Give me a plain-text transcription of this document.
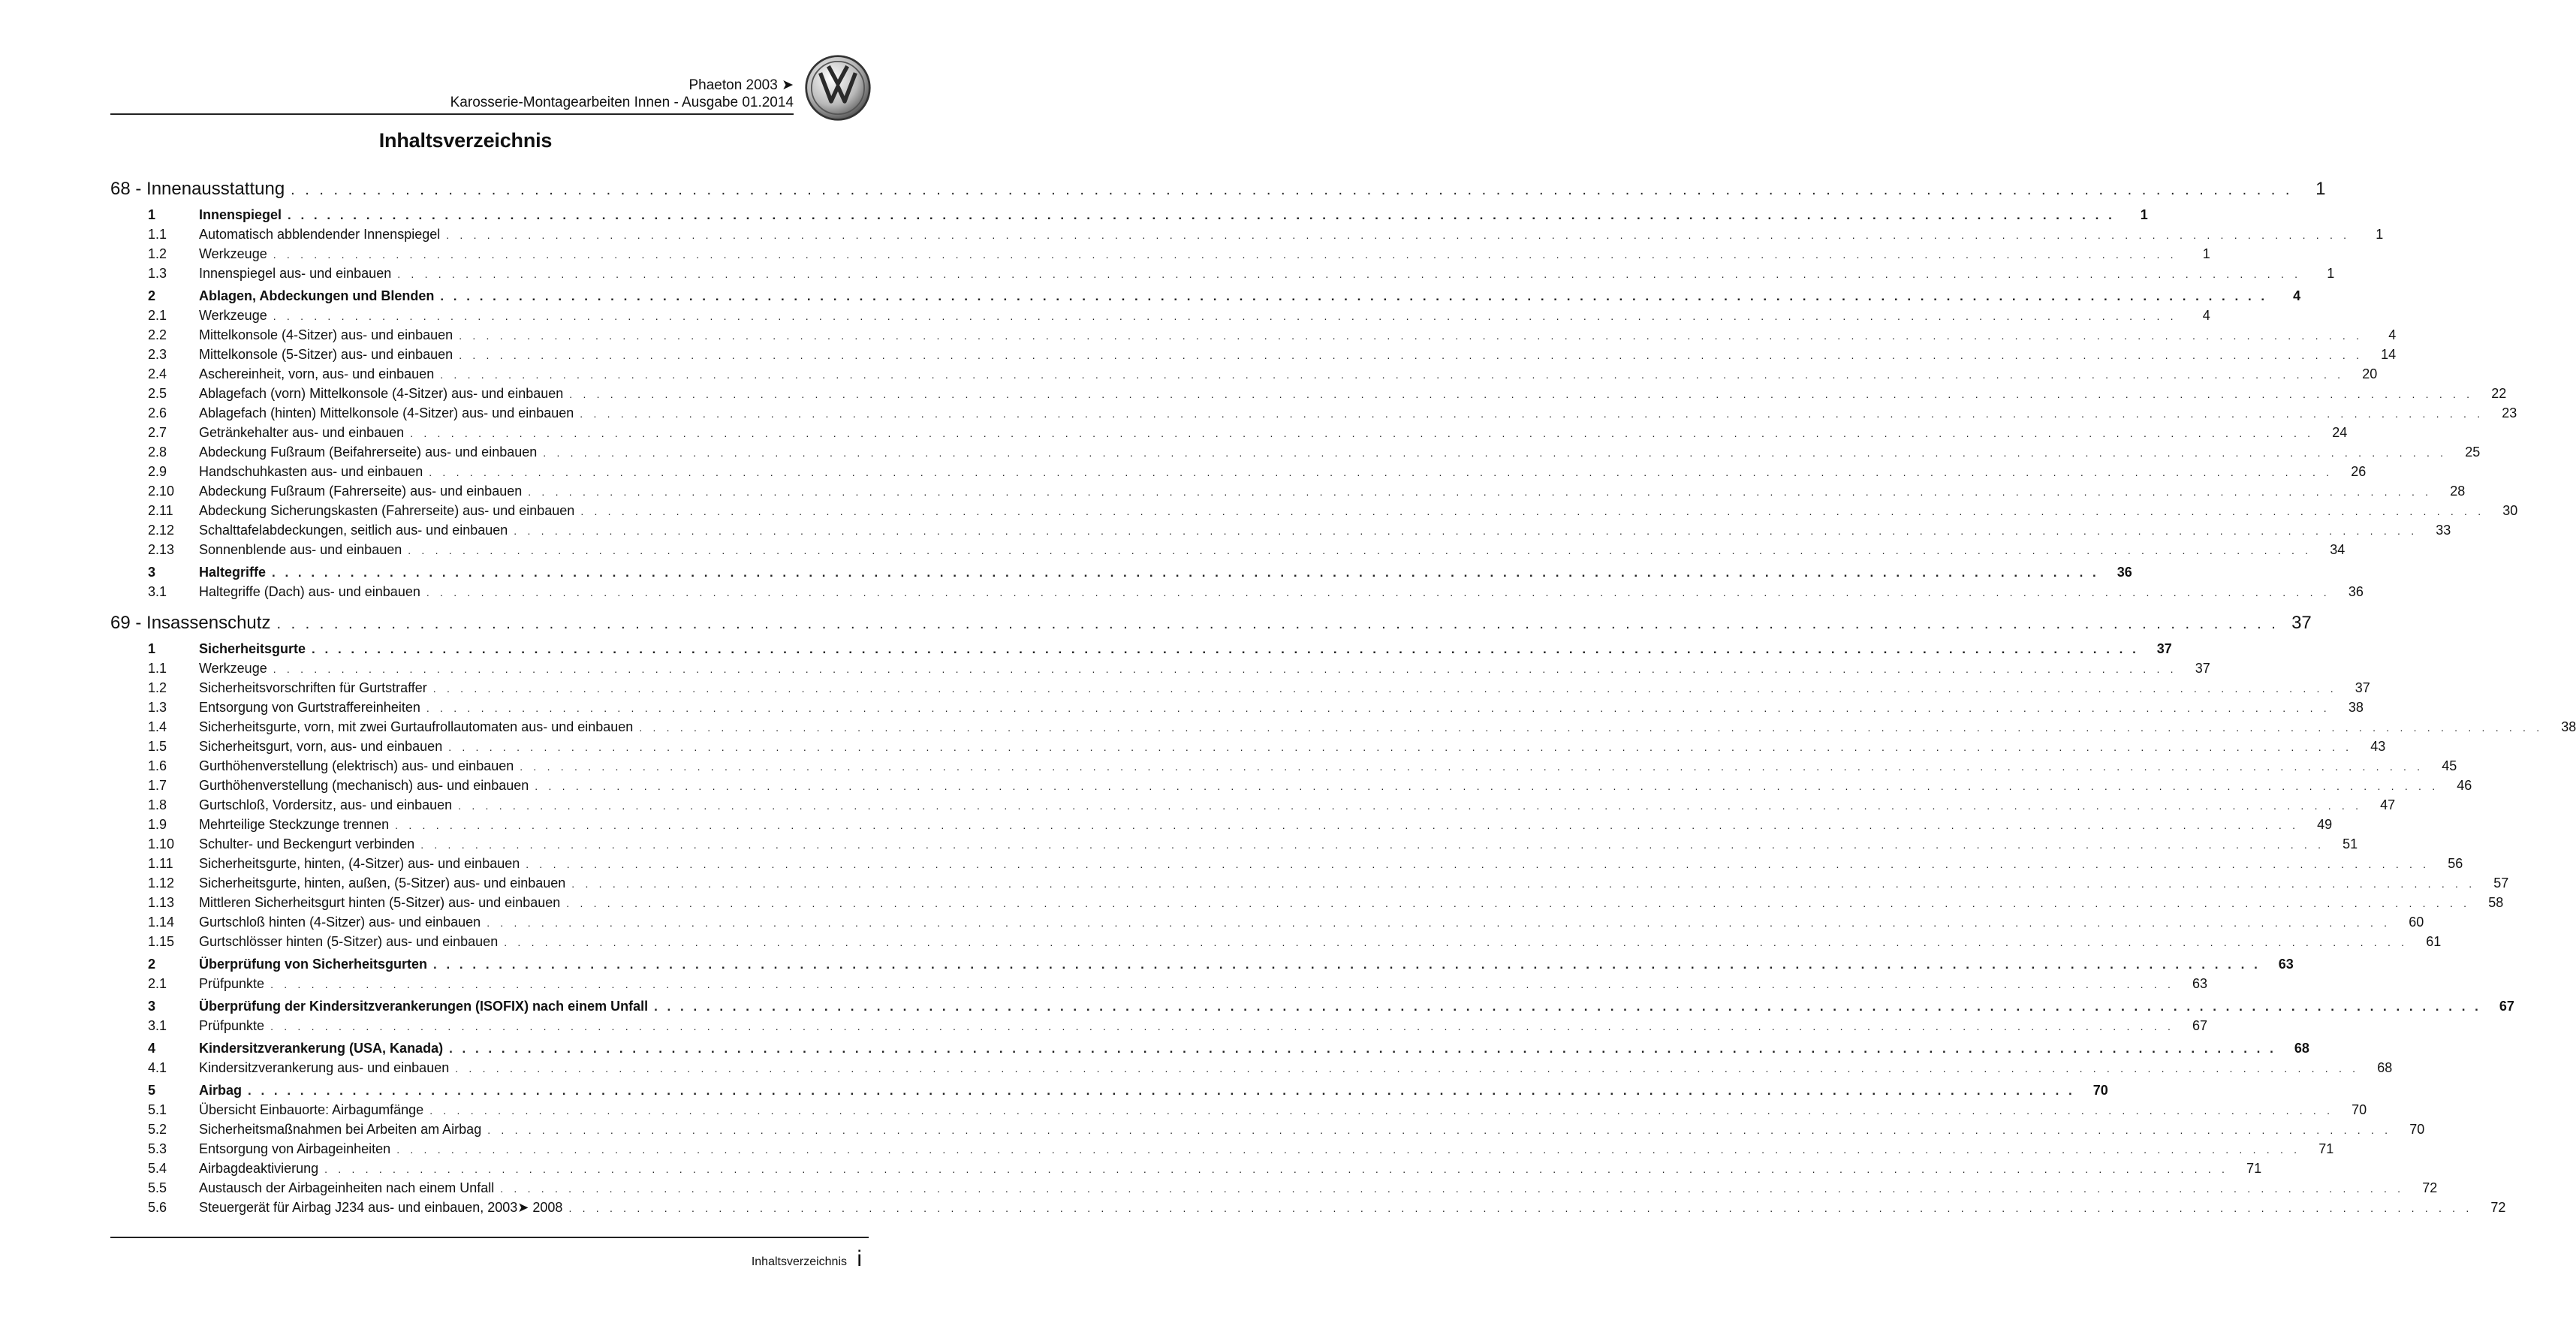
Phaeton 2003 ➤
Karosserie-Montagearbeiten Innen - Ausgabe 01.2014
Inhaltsverzeichnis
68 - Innenausstattung . . . . . . . . . . . . . . . . . . . . . . . . . . . . . . . . . . . . . . . . . . . . . . . . . . . . . . . . . . . . . . . . . . . . . . . . . . . . . . . . . . . . . . . . . . . . . . . . . . . . . . . . . . . . . . . . . . . . . . . . . . . . . . . . . . . . . . . . . . . .	1
1	Innenspiegel . . . . . . . . . . . . . . . . . . . . . . . . . . . . . . . . . . . . . . . . . . . . . . . . . . . . . . . . . . . . . . . . . . . . . . . . . . . . . . . . . . . . . . . . . . . . . . . . . . . . . . . . . . . . . . . . . . . . . . . . . . . . . . . . . . . . . . . . . . . .	1
1.1	Automatisch abblendender Innenspiegel . . . . . . . . . . . . . . . . . . . . . . . . . . . . . . . . . . . . . . . . . . . . . . . . . . . . . . . . . . . . . . . . . . . . . . . . . . . . . . . . . . . . . . . . . . . . . . . . . . . . . . . . . . . . . . . . . . . . . . . . . . . . . . . . . . . . . . . . . . . .	1
1.2	Werkzeuge . . . . . . . . . . . . . . . . . . . . . . . . . . . . . . . . . . . . . . . . . . . . . . . . . . . . . . . . . . . . . . . . . . . . . . . . . . . . . . . . . . . . . . . . . . . . . . . . . . . . . . . . . . . . . . . . . . . . . . . . . . . . . . . . . . . . . . . . . . . .	1
1.3	Innenspiegel aus- und einbauen . . . . . . . . . . . . . . . . . . . . . . . . . . . . . . . . . . . . . . . . . . . . . . . . . . . . . . . . . . . . . . . . . . . . . . . . . . . . . . . . . . . . . . . . . . . . . . . . . . . . . . . . . . . . . . . . . . . . . . . . . . . . . . . . . . . . . . . . . . . .	1
2	Ablagen, Abdeckungen und Blenden . . . . . . . . . . . . . . . . . . . . . . . . . . . . . . . . . . . . . . . . . . . . . . . . . . . . . . . . . . . . . . . . . . . . . . . . . . . . . . . . . . . . . . . . . . . . . . . . . . . . . . . . . . . . . . . . . . . . . . . . . . . . . . . . . . . . . . . . . . . .	4
2.1	Werkzeuge . . . . . . . . . . . . . . . . . . . . . . . . . . . . . . . . . . . . . . . . . . . . . . . . . . . . . . . . . . . . . . . . . . . . . . . . . . . . . . . . . . . . . . . . . . . . . . . . . . . . . . . . . . . . . . . . . . . . . . . . . . . . . . . . . . . . . . . . . . . .	4
2.2	Mittelkonsole (4-Sitzer) aus- und einbauen . . . . . . . . . . . . . . . . . . . . . . . . . . . . . . . . . . . . . . . . . . . . . . . . . . . . . . . . . . . . . . . . . . . . . . . . . . . . . . . . . . . . . . . . . . . . . . . . . . . . . . . . . . . . . . . . . . . . . . . . . . . . . . . . . . . . . . . . . . . .	4
2.3	Mittelkonsole (5-Sitzer) aus- und einbauen . . . . . . . . . . . . . . . . . . . . . . . . . . . . . . . . . . . . . . . . . . . . . . . . . . . . . . . . . . . . . . . . . . . . . . . . . . . . . . . . . . . . . . . . . . . . . . . . . . . . . . . . . . . . . . . . . . . . . . . . . . . . . . . . . . . . . . . . . . . .	14
2.4	Aschereinheit, vorn, aus- und einbauen . . . . . . . . . . . . . . . . . . . . . . . . . . . . . . . . . . . . . . . . . . . . . . . . . . . . . . . . . . . . . . . . . . . . . . . . . . . . . . . . . . . . . . . . . . . . . . . . . . . . . . . . . . . . . . . . . . . . . . . . . . . . . . . . . . . . . . . . . . . .	20
2.5	Ablagefach (vorn) Mittelkonsole (4-Sitzer) aus- und einbauen . . . . . . . . . . . . . . . . . . . . . . . . . . . . . . . . . . . . . . . . . . . . . . . . . . . . . . . . . . . . . . . . . . . . . . . . . . . . . . . . . . . . . . . . . . . . . . . . . . . . . . . . . . . . . . . . . . . . . . . . . . . . . . . . . . . . . . . . . . . .	22
2.6	Ablagefach (hinten) Mittelkonsole (4-Sitzer) aus- und einbauen . . . . . . . . . . . . . . . . . . . . . . . . . . . . . . . . . . . . . . . . . . . . . . . . . . . . . . . . . . . . . . . . . . . . . . . . . . . . . . . . . . . . . . . . . . . . . . . . . . . . . . . . . . . . . . . . . . . . . . . . . . . . . . . . . . . . . . . . . . . .	23
2.7	Getränkehalter aus- und einbauen . . . . . . . . . . . . . . . . . . . . . . . . . . . . . . . . . . . . . . . . . . . . . . . . . . . . . . . . . . . . . . . . . . . . . . . . . . . . . . . . . . . . . . . . . . . . . . . . . . . . . . . . . . . . . . . . . . . . . . . . . . . . . . . . . . . . . . . . . . . .	24
2.8	Abdeckung Fußraum (Beifahrerseite) aus- und einbauen . . . . . . . . . . . . . . . . . . . . . . . . . . . . . . . . . . . . . . . . . . . . . . . . . . . . . . . . . . . . . . . . . . . . . . . . . . . . . . . . . . . . . . . . . . . . . . . . . . . . . . . . . . . . . . . . . . . . . . . . . . . . . . . . . . . . . . . . . . . .	25
2.9	Handschuhkasten aus- und einbauen . . . . . . . . . . . . . . . . . . . . . . . . . . . . . . . . . . . . . . . . . . . . . . . . . . . . . . . . . . . . . . . . . . . . . . . . . . . . . . . . . . . . . . . . . . . . . . . . . . . . . . . . . . . . . . . . . . . . . . . . . . . . . . . . . . . . . . . . . . . .	26
2.10	Abdeckung Fußraum (Fahrerseite) aus- und einbauen . . . . . . . . . . . . . . . . . . . . . . . . . . . . . . . . . . . . . . . . . . . . . . . . . . . . . . . . . . . . . . . . . . . . . . . . . . . . . . . . . . . . . . . . . . . . . . . . . . . . . . . . . . . . . . . . . . . . . . . . . . . . . . . . . . . . . . . . . . . .	28
2.11	Abdeckung Sicherungskasten (Fahrerseite) aus- und einbauen . . . . . . . . . . . . . . . . . . . . . . . . . . . . . . . . . . . . . . . . . . . . . . . . . . . . . . . . . . . . . . . . . . . . . . . . . . . . . . . . . . . . . . . . . . . . . . . . . . . . . . . . . . . . . . . . . . . . . . . . . . . . . . . . . . . . . . . . . . . .	30
2.12	Schalttafelabdeckungen, seitlich aus- und einbauen . . . . . . . . . . . . . . . . . . . . . . . . . . . . . . . . . . . . . . . . . . . . . . . . . . . . . . . . . . . . . . . . . . . . . . . . . . . . . . . . . . . . . . . . . . . . . . . . . . . . . . . . . . . . . . . . . . . . . . . . . . . . . . . . . . . . . . . . . . . .	33
2.13	Sonnenblende aus- und einbauen . . . . . . . . . . . . . . . . . . . . . . . . . . . . . . . . . . . . . . . . . . . . . . . . . . . . . . . . . . . . . . . . . . . . . . . . . . . . . . . . . . . . . . . . . . . . . . . . . . . . . . . . . . . . . . . . . . . . . . . . . . . . . . . . . . . . . . . . . . . .	34
3	Haltegriffe . . . . . . . . . . . . . . . . . . . . . . . . . . . . . . . . . . . . . . . . . . . . . . . . . . . . . . . . . . . . . . . . . . . . . . . . . . . . . . . . . . . . . . . . . . . . . . . . . . . . . . . . . . . . . . . . . . . . . . . . . . . . . . . . . . . . . . . . . . . .	36
3.1	Haltegriffe (Dach) aus- und einbauen . . . . . . . . . . . . . . . . . . . . . . . . . . . . . . . . . . . . . . . . . . . . . . . . . . . . . . . . . . . . . . . . . . . . . . . . . . . . . . . . . . . . . . . . . . . . . . . . . . . . . . . . . . . . . . . . . . . . . . . . . . . . . . . . . . . . . . . . . . . .	36
69 - Insassenschutz . . . . . . . . . . . . . . . . . . . . . . . . . . . . . . . . . . . . . . . . . . . . . . . . . . . . . . . . . . . . . . . . . . . . . . . . . . . . . . . . . . . . . . . . . . . . . . . . . . . . . . . . . . . . . . . . . . . . . . . . . . . . . . . . . . . . . . . . . . . . 37
1	Sicherheitsgurte . . . . . . . . . . . . . . . . . . . . . . . . . . . . . . . . . . . . . . . . . . . . . . . . . . . . . . . . . . . . . . . . . . . . . . . . . . . . . . . . . . . . . . . . . . . . . . . . . . . . . . . . . . . . . . . . . . . . . . . . . . . . . . . . . . . . . . . . . . . .	37
1.1	Werkzeuge . . . . . . . . . . . . . . . . . . . . . . . . . . . . . . . . . . . . . . . . . . . . . . . . . . . . . . . . . . . . . . . . . . . . . . . . . . . . . . . . . . . . . . . . . . . . . . . . . . . . . . . . . . . . . . . . . . . . . . . . . . . . . . . . . . . . . . . . . . . .	37
1.2	Sicherheitsvorschriften für Gurtstraffer . . . . . . . . . . . . . . . . . . . . . . . . . . . . . . . . . . . . . . . . . . . . . . . . . . . . . . . . . . . . . . . . . . . . . . . . . . . . . . . . . . . . . . . . . . . . . . . . . . . . . . . . . . . . . . . . . . . . . . . . . . . . . . . . . . . . . . . . . . . .	37
1.3	Entsorgung von Gurtstraffereinheiten . . . . . . . . . . . . . . . . . . . . . . . . . . . . . . . . . . . . . . . . . . . . . . . . . . . . . . . . . . . . . . . . . . . . . . . . . . . . . . . . . . . . . . . . . . . . . . . . . . . . . . . . . . . . . . . . . . . . . . . . . . . . . . . . . . . . . . . . . . . .	38
1.4	Sicherheitsgurte, vorn, mit zwei Gurtaufrollautomaten aus- und einbauen . . . . . . . . . . . . . . . . . . . . . . . . . . . . . . . . . . . . . . . . . . . . . . . . . . . . . . . . . . . . . . . . . . . . . . . . . . . . . . . . . . . . . . . . . . . . . . . . . . . . . . . . . . . . . . . . . . . . . . . . . . . . . . . . . . . . . . . . . . . .	38
1.5	Sicherheitsgurt, vorn, aus- und einbauen . . . . . . . . . . . . . . . . . . . . . . . . . . . . . . . . . . . . . . . . . . . . . . . . . . . . . . . . . . . . . . . . . . . . . . . . . . . . . . . . . . . . . . . . . . . . . . . . . . . . . . . . . . . . . . . . . . . . . . . . . . . . . . . . . . . . . . . . . . . .	43
1.6	Gurthöhenverstellung (elektrisch) aus- und einbauen . . . . . . . . . . . . . . . . . . . . . . . . . . . . . . . . . . . . . . . . . . . . . . . . . . . . . . . . . . . . . . . . . . . . . . . . . . . . . . . . . . . . . . . . . . . . . . . . . . . . . . . . . . . . . . . . . . . . . . . . . . . . . . . . . . . . . . . . . . . .	45
1.7	Gurthöhenverstellung (mechanisch) aus- und einbauen . . . . . . . . . . . . . . . . . . . . . . . . . . . . . . . . . . . . . . . . . . . . . . . . . . . . . . . . . . . . . . . . . . . . . . . . . . . . . . . . . . . . . . . . . . . . . . . . . . . . . . . . . . . . . . . . . . . . . . . . . . . . . . . . . . . . . . . . . . . .	46
1.8	Gurtschloß, Vordersitz, aus- und einbauen . . . . . . . . . . . . . . . . . . . . . . . . . . . . . . . . . . . . . . . . . . . . . . . . . . . . . . . . . . . . . . . . . . . . . . . . . . . . . . . . . . . . . . . . . . . . . . . . . . . . . . . . . . . . . . . . . . . . . . . . . . . . . . . . . . . . . . . . . . . .	47
1.9	Mehrteilige Steckzunge trennen . . . . . . . . . . . . . . . . . . . . . . . . . . . . . . . . . . . . . . . . . . . . . . . . . . . . . . . . . . . . . . . . . . . . . . . . . . . . . . . . . . . . . . . . . . . . . . . . . . . . . . . . . . . . . . . . . . . . . . . . . . . . . . . . . . . . . . . . . . . .	49
1.10	Schulter- und Beckengurt verbinden . . . . . . . . . . . . . . . . . . . . . . . . . . . . . . . . . . . . . . . . . . . . . . . . . . . . . . . . . . . . . . . . . . . . . . . . . . . . . . . . . . . . . . . . . . . . . . . . . . . . . . . . . . . . . . . . . . . . . . . . . . . . . . . . . . . . . . . . . . . .	51
1.11	Sicherheitsgurte, hinten, (4-Sitzer) aus- und einbauen . . . . . . . . . . . . . . . . . . . . . . . . . . . . . . . . . . . . . . . . . . . . . . . . . . . . . . . . . . . . . . . . . . . . . . . . . . . . . . . . . . . . . . . . . . . . . . . . . . . . . . . . . . . . . . . . . . . . . . . . . . . . . . . . . . . . . . . . . . . .	56
1.12	Sicherheitsgurte, hinten, außen, (5-Sitzer) aus- und einbauen . . . . . . . . . . . . . . . . . . . . . . . . . . . . . . . . . . . . . . . . . . . . . . . . . . . . . . . . . . . . . . . . . . . . . . . . . . . . . . . . . . . . . . . . . . . . . . . . . . . . . . . . . . . . . . . . . . . . . . . . . . . . . . . . . . . . . . . . . . . .	57
1.13	Mittleren Sicherheitsgurt hinten (5-Sitzer) aus- und einbauen . . . . . . . . . . . . . . . . . . . . . . . . . . . . . . . . . . . . . . . . . . . . . . . . . . . . . . . . . . . . . . . . . . . . . . . . . . . . . . . . . . . . . . . . . . . . . . . . . . . . . . . . . . . . . . . . . . . . . . . . . . . . . . . . . . . . . . . . . . . .	58
1.14	Gurtschloß hinten (4-Sitzer) aus- und einbauen . . . . . . . . . . . . . . . . . . . . . . . . . . . . . . . . . . . . . . . . . . . . . . . . . . . . . . . . . . . . . . . . . . . . . . . . . . . . . . . . . . . . . . . . . . . . . . . . . . . . . . . . . . . . . . . . . . . . . . . . . . . . . . . . . . . . . . . . . . . .	60
1.15	Gurtschlösser hinten (5-Sitzer) aus- und einbauen . . . . . . . . . . . . . . . . . . . . . . . . . . . . . . . . . . . . . . . . . . . . . . . . . . . . . . . . . . . . . . . . . . . . . . . . . . . . . . . . . . . . . . . . . . . . . . . . . . . . . . . . . . . . . . . . . . . . . . . . . . . . . . . . . . . . . . . . . . . .	61
2	Überprüfung von Sicherheitsgurten . . . . . . . . . . . . . . . . . . . . . . . . . . . . . . . . . . . . . . . . . . . . . . . . . . . . . . . . . . . . . . . . . . . . . . . . . . . . . . . . . . . . . . . . . . . . . . . . . . . . . . . . . . . . . . . . . . . . . . . . . . . . . . . . . . . . . . . . . . . .	63
2.1	Prüfpunkte . . . . . . . . . . . . . . . . . . . . . . . . . . . . . . . . . . . . . . . . . . . . . . . . . . . . . . . . . . . . . . . . . . . . . . . . . . . . . . . . . . . . . . . . . . . . . . . . . . . . . . . . . . . . . . . . . . . . . . . . . . . . . . . . . . . . . . . . . . . .	63
3	Überprüfung der Kindersitzverankerungen (ISOFIX) nach einem Unfall . . . . . . . . . . . . . . . . . . . . . . . . . . . . . . . . . . . . . . . . . . . . . . . . . . . . . . . . . . . . . . . . . . . . . . . . . . . . . . . . . . . . . . . . . . . . . . . . . . . . . . . . . . . . . . . . . . . . . . . . . . . . . . . . . . . . . . . . . . . .	67
3.1	Prüfpunkte . . . . . . . . . . . . . . . . . . . . . . . . . . . . . . . . . . . . . . . . . . . . . . . . . . . . . . . . . . . . . . . . . . . . . . . . . . . . . . . . . . . . . . . . . . . . . . . . . . . . . . . . . . . . . . . . . . . . . . . . . . . . . . . . . . . . . . . . . . . .	67
4	Kindersitzverankerung (USA, Kanada) . . . . . . . . . . . . . . . . . . . . . . . . . . . . . . . . . . . . . . . . . . . . . . . . . . . . . . . . . . . . . . . . . . . . . . . . . . . . . . . . . . . . . . . . . . . . . . . . . . . . . . . . . . . . . . . . . . . . . . . . . . . . . . . . . . . . . . . . . . . .	68
4.1	Kindersitzverankerung aus- und einbauen . . . . . . . . . . . . . . . . . . . . . . . . . . . . . . . . . . . . . . . . . . . . . . . . . . . . . . . . . . . . . . . . . . . . . . . . . . . . . . . . . . . . . . . . . . . . . . . . . . . . . . . . . . . . . . . . . . . . . . . . . . . . . . . . . . . . . . . . . . . .	68
5	Airbag . . . . . . . . . . . . . . . . . . . . . . . . . . . . . . . . . . . . . . . . . . . . . . . . . . . . . . . . . . . . . . . . . . . . . . . . . . . . . . . . . . . . . . . . . . . . . . . . . . . . . . . . . . . . . . . . . . . . . . . . . . . . . . . . . . . . . . . . . . . .	70
5.1	Übersicht Einbauorte: Airbagumfänge . . . . . . . . . . . . . . . . . . . . . . . . . . . . . . . . . . . . . . . . . . . . . . . . . . . . . . . . . . . . . . . . . . . . . . . . . . . . . . . . . . . . . . . . . . . . . . . . . . . . . . . . . . . . . . . . . . . . . . . . . . . . . . . . . . . . . . . . . . . .	70
5.2	Sicherheitsmaßnahmen bei Arbeiten am Airbag . . . . . . . . . . . . . . . . . . . . . . . . . . . . . . . . . . . . . . . . . . . . . . . . . . . . . . . . . . . . . . . . . . . . . . . . . . . . . . . . . . . . . . . . . . . . . . . . . . . . . . . . . . . . . . . . . . . . . . . . . . . . . . . . . . . . . . . . . . . .	70
5.3	Entsorgung von Airbageinheiten . . . . . . . . . . . . . . . . . . . . . . . . . . . . . . . . . . . . . . . . . . . . . . . . . . . . . . . . . . . . . . . . . . . . . . . . . . . . . . . . . . . . . . . . . . . . . . . . . . . . . . . . . . . . . . . . . . . . . . . . . . . . . . . . . . . . . . . . . . . .	71
5.4	Airbagdeaktivierung . . . . . . . . . . . . . . . . . . . . . . . . . . . . . . . . . . . . . . . . . . . . . . . . . . . . . . . . . . . . . . . . . . . . . . . . . . . . . . . . . . . . . . . . . . . . . . . . . . . . . . . . . . . . . . . . . . . . . . . . . . . . . . . . . . . . . . . . . . . .	71
5.5	Austausch der Airbageinheiten nach einem Unfall . . . . . . . . . . . . . . . . . . . . . . . . . . . . . . . . . . . . . . . . . . . . . . . . . . . . . . . . . . . . . . . . . . . . . . . . . . . . . . . . . . . . . . . . . . . . . . . . . . . . . . . . . . . . . . . . . . . . . . . . . . . . . . . . . . . . . . . . . . . .	72
5.6	Steuergerät für Airbag J234 aus- und einbauen, 2003➤ 2008 . . . . . . . . . . . . . . . . . . . . . . . . . . . . . . . . . . . . . . . . . . . . . . . . . . . . . . . . . . . . . . . . . . . . . . . . . . . . . . . . . . . . . . . . . . . . . . . . . . . . . . . . . . . . . . . . . . . . . . . . . . . . . . . . . . . . . . . . . . . .	72
Inhaltsverzeichnis i
